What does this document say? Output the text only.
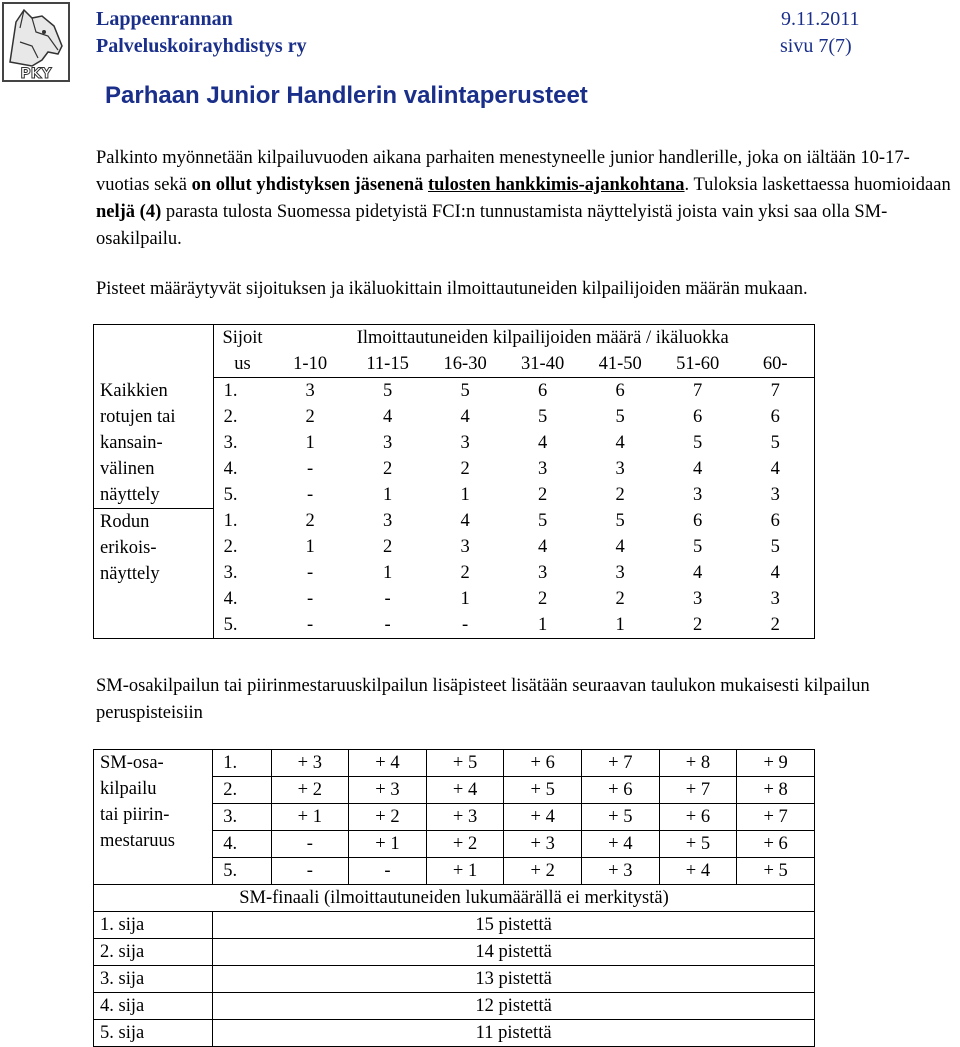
PKY
Lappeenrannan
Palveluskoirayhdistys ry
9.11.2011
sivu 7(7)
Parhaan Junior Handlerin valintaperusteet
Palkinto myönnetään kilpailuvuoden aikana parhaiten menestyneelle junior handlerille, joka on iältään 10-17-vuotias sekä on ollut yhdistyksen jäsenenä tulosten hankkimis-ajankohtana. Tuloksia laskettaessa huomioidaan neljä (4) parasta tulosta Suomessa pidetyistä FCI:n tunnustamista näyttelyistä joista vain yksi saa olla SM-osakilpailu.
Pisteet määräytyvät sijoituksen ja ikäluokittain ilmoittautuneiden kilpailijoiden määrän mukaan.
	Sijoit	Ilmoittautuneiden kilpailijoiden määrä / ikäluokka						
	us	1-10	11-15	16-30	31-40	41-50	51-60	60-
Kaikkien
rotujen tai
kansain-
välinen
näyttely	1.	3	5	5	6	6	7	7
	2.	2	4	4	5	5	6	6
	3.	1	3	3	4	4	5	5
	4.	-	2	2	3	3	4	4
	5.	-	1	1	2	2	3	3
Rodun
erikois-
näyttely	1.	2	3	4	5	5	6	6
	2.	1	2	3	4	4	5	5
	3.	-	1	2	3	3	4	4
	4.	-	-	1	2	2	3	3
	5.	-	-	-	1	1	2	2
SM-osakilpailun tai piirinmestaruuskilpailun lisäpisteet lisätään seuraavan taulukon mukaisesti kilpailun peruspisteisiin
SM-osa-
kilpailu
tai piirin-
mestaruus	1.	+ 3	+ 4	+ 5	+ 6	+ 7	+ 8	+ 9
	2.	+ 2	+ 3	+ 4	+ 5	+ 6	+ 7	+ 8
	3.	+ 1	+ 2	+ 3	+ 4	+ 5	+ 6	+ 7
	4.	-	+ 1	+ 2	+ 3	+ 4	+ 5	+ 6
	5.	-	-	+ 1	+ 2	+ 3	+ 4	+ 5
SM-finaali (ilmoittautuneiden lukumäärällä ei merkitystä)								
1. sija	15 pistettä							
2. sija	14 pistettä							
3. sija	13 pistettä							
4. sija	12 pistettä							
5. sija	11 pistettä							
